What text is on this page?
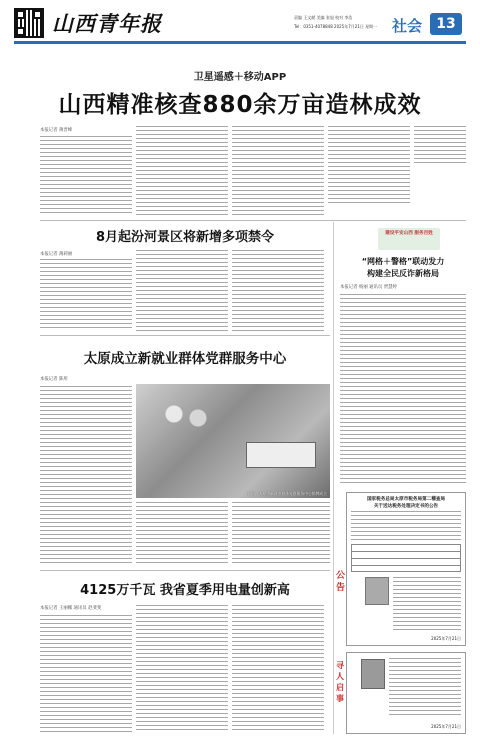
山西青年报	责编 王文献 美编 张旭 校对 李浩
Tel：0351-4078848 2025年7月21日 星期一 社会	13
卫星遥感＋移动APP
山西精准核查880余万亩造林成效
本报记者 薄晋峰
8月起汾河景区将新增多项禁令
本报记者 薄莉丽
太原成立新就业群体党群服务中心
本报记者 陈彤
日前，太原市新就业群体党群服务中心揭牌成立
4125万千瓦 我省夏季用电量创新高
本报记者 王丽娜 通讯员 赵斐斐
建设平安山西 服务百姓
“网格＋警格”联动发力
构建全民反诈新格局
本报记者 杨丽 通讯员 贾慧婷
国家税务总局太原市税务局第二稽查局
关于送达税务处理决定书的公告
2025年7月21日
公告
2025年7月21日
寻人启事
